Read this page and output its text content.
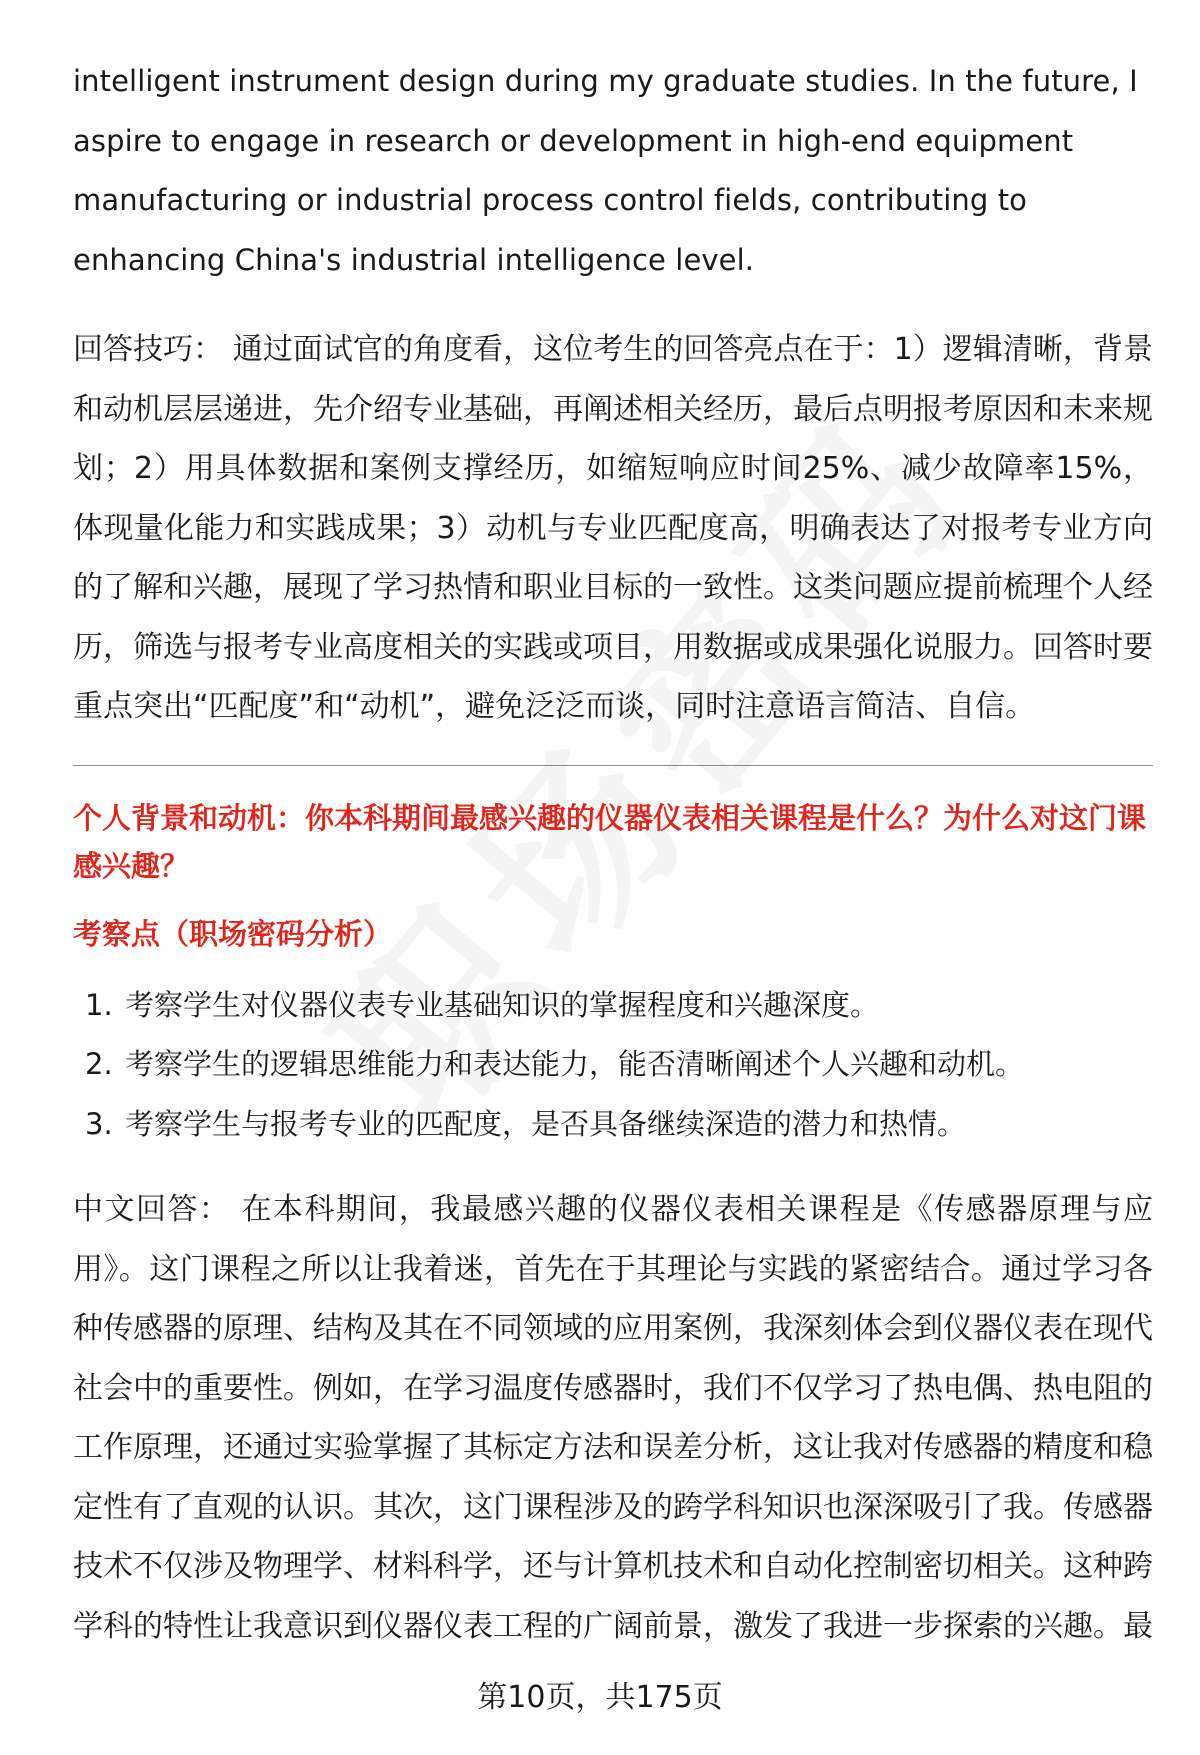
intelligent instrument design during my graduate studies. In the future, I aspire to engage in research or development in high-end equipment manufacturing or industrial process control fields, contributing to enhancing China's industrial intelligence level.

回答技巧： 通过面试官的角度看，这位考生的回答亮点在于：1）逻辑清晰，背景和动机层层递进，先介绍专业基础，再阐述相关经历，最后点明报考原因和未来规划；2）用具体数据和案例支撑经历，如缩短响应时间25%、减少故障率15%，体现量化能力和实践成果；3）动机与专业匹配度高，明确表达了对报考专业方向的了解和兴趣，展现了学习热情和职业目标的一致性。这类问题应提前梳理个人经历，筛选与报考专业高度相关的实践或项目，用数据或成果强化说服力。回答时要重点突出“匹配度”和“动机”，避免泛泛而谈，同时注意语言简洁、自信。

个人背景和动机：你本科期间最感兴趣的仪器仪表相关课程是什么？为什么对这门课感兴趣？
考察点（职场密码分析）
1. 考察学生对仪器仪表专业基础知识的掌握程度和兴趣深度。
2. 考察学生的逻辑思维能力和表达能力，能否清晰阐述个人兴趣和动机。
3. 考察学生与报考专业的匹配度，是否具备继续深造的潜力和热情。

中文回答： 在本科期间，我最感兴趣的仪器仪表相关课程是《传感器原理与应用》。这门课程之所以让我着迷，首先在于其理论与实践的紧密结合。通过学习各种传感器的原理、结构及其在不同领域的应用案例，我深刻体会到仪器仪表在现代社会中的重要性。例如，在学习温度传感器时，我们不仅学习了热电偶、热电阻的工作原理，还通过实验掌握了其标定方法和误差分析，这让我对传感器的精度和稳定性有了直观的认识。其次，这门课程涉及的跨学科知识也深深吸引了我。传感器技术不仅涉及物理学、材料科学，还与计算机技术和自动化控制密切相关。这种跨学科的特性让我意识到仪器仪表工程的广阔前景，激发了我进一步探索的兴趣。最

第10页，共175页
